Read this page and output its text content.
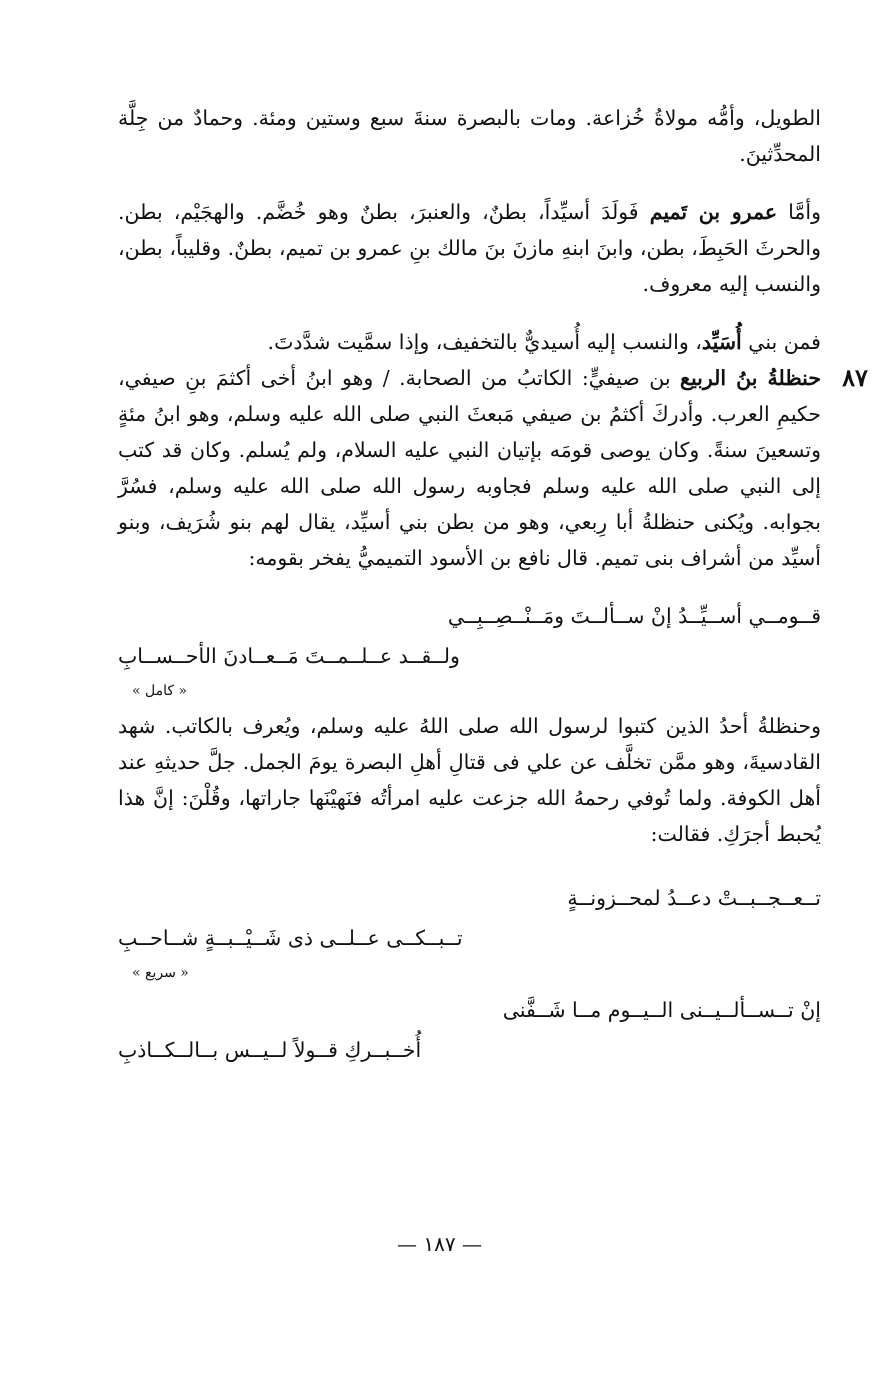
الطويل، وأمُّه مولاةُ خُزاعة. ومات بالبصرة سنةَ سبع وستين ومئة. وحمادٌ من جِلَّة المحدِّثينَ.

وأمَّا عمرو بن تَميم فَولَدَ أسيِّداً، بطنٌ، والعنبرَ، بطنٌ وهو خُضَّم. والهجَيْم، بطن. والحرثَ الحَبِطَ، بطن، وابنَ ابنهِ مازنَ بنَ مالك بنِ عمرو بن تميم، بطنٌ. وقليباً، بطن، والنسب إليه معروف.

فمن بني أُسَيِّد، والنسب إليه أُسيديٌّ بالتخفيف، وإذا سمَّيت شدَّدتَ.

٨٧

حنظلةُ بنُ الربيع بن صيفيٍّ: الكاتبُ من الصحابة. / وهو ابنُ أخى أكثمَ بنِ صيفي، حكيمِ العرب. وأدركَ أكثمُ بن صيفي مَبعثَ النبي صلى الله عليه وسلم، وهو ابنُ مئةٍ وتسعينَ سنةً. وكان يوصى قومَه بإتيان النبي عليه السلام، ولم يُسلم. وكان قد كتب إلى النبي صلى الله عليه وسلم فجاوبه رسول الله صلى الله عليه وسلم، فسُرَّ بجوابه. ويُكنى حنظلةُ أبا رِبعي، وهو من بطن بني أسيِّد، يقال لهم بنو شُرَيف، وبنو أسيِّد من أشراف بنى تميم. قال نافع بن الأسود التميميُّ يفخر بقومه:

قــومــي أســيِّــدُ إنْ ســألــتَ ومَــنْــصِــبِــي
ولــقــد عــلــمــتَ مَــعــادنَ الأحــســابِ
« كامل »

وحنظلةُ أحدُ الذين كتبوا لرسول الله صلى اللهُ عليه وسلم، ويُعرف بالكاتب. شهد القادسيةَ، وهو ممَّن تخلَّف عن علي فى قتالِ أهلِ البصرة يومَ الجمل. جلَّ حديثهِ عند أهل الكوفة. ولما تُوفي رحمهُ الله جزعت عليه امرأتُه فنَهيْنَها جاراتها، وقُلْنَ: إنَّ هذا يُحبط أجرَكِ. فقالت:

تــعــجــبــتْ دعــدُ لمحــزونــةٍ
تــبــكــى عــلــى ذى شَــيْــبــةٍ شــاحــبِ
« سريع »
إنْ تــســألــيــنى الــيــوم مــا شَــفَّنى
أُخــبــركِ قــولاً لــيــس بــالــكــاذبِ
— ١٨٧ —
